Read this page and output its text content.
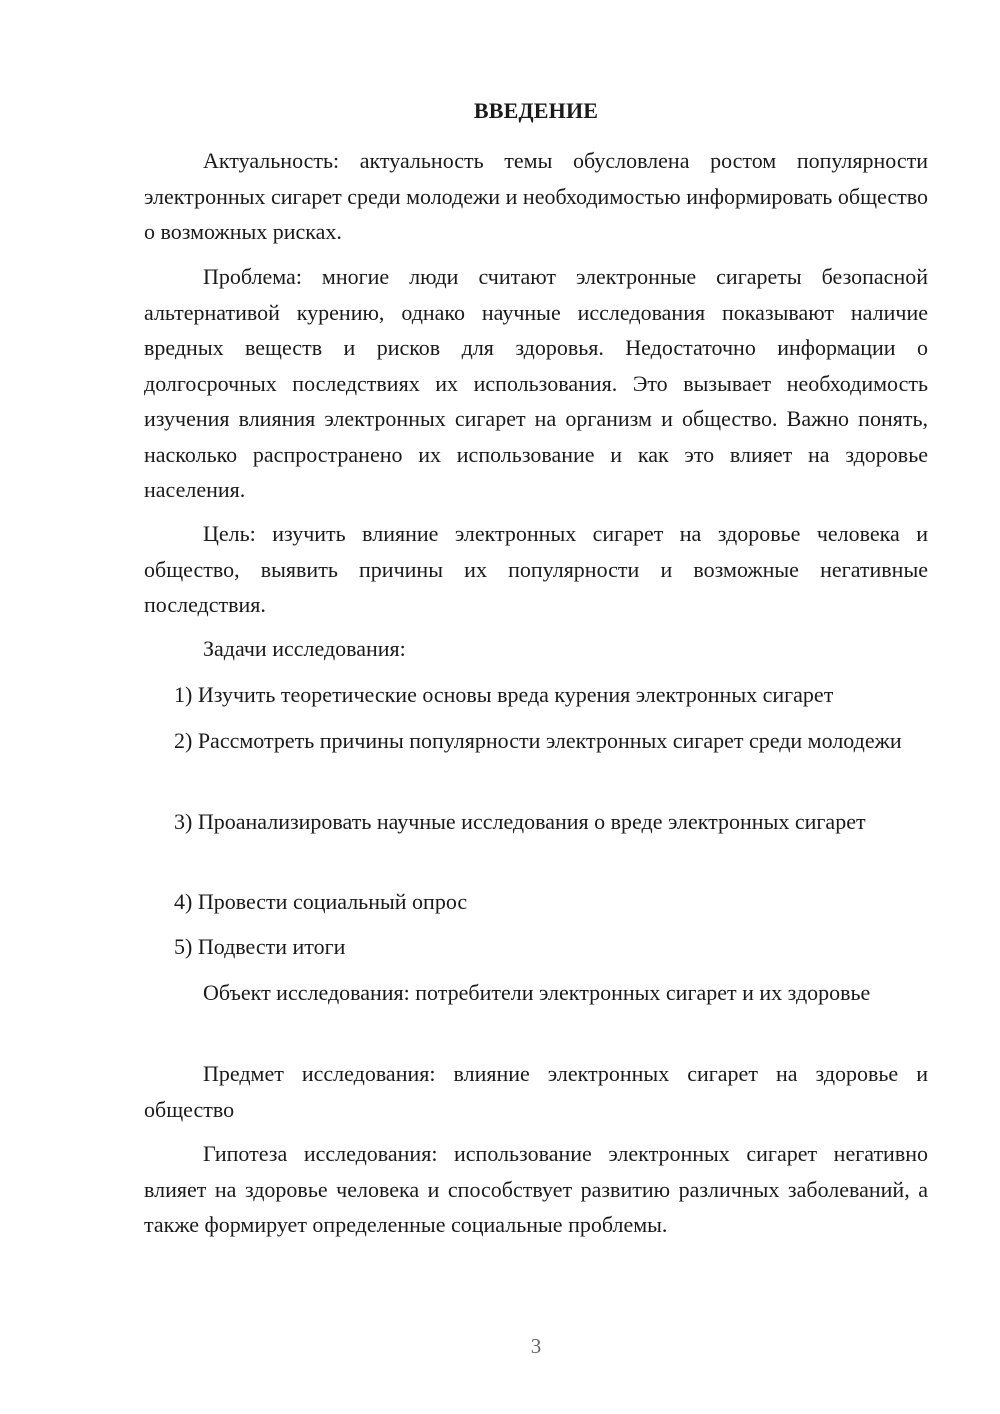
ВВЕДЕНИЕ

Актуальность: актуальность темы обусловлена ростом популярности электронных сигарет среди молодежи и необходимостью информировать общество о возможных рисках.

Проблема: многие люди считают электронные сигареты безопасной альтернативой курению, однако научные исследования показывают наличие вредных веществ и рисков для здоровья. Недостаточно информации о долгосрочных последствиях их использования. Это вызывает необходимость изучения влияния электронных сигарет на организм и общество. Важно понять, насколько распространено их использование и как это влияет на здоровье населения.

Цель: изучить влияние электронных сигарет на здоровье человека и общество, выявить причины их популярности и возможные негативные последствия.

Задачи исследования:

1) Изучить теоретические основы вреда курения электронных сигарет

2) Рассмотреть причины популярности электронных сигарет среди молодежи

3) Проанализировать научные исследования о вреде электронных сигарет

4) Провести социальный опрос

5) Подвести итоги

Объект исследования: потребители электронных сигарет и их здоровье

Предмет исследования: влияние электронных сигарет на здоровье и общество

Гипотеза исследования: использование электронных сигарет негативно влияет на здоровье человека и способствует развитию различных заболеваний, а также формирует определенные социальные проблемы.

3
